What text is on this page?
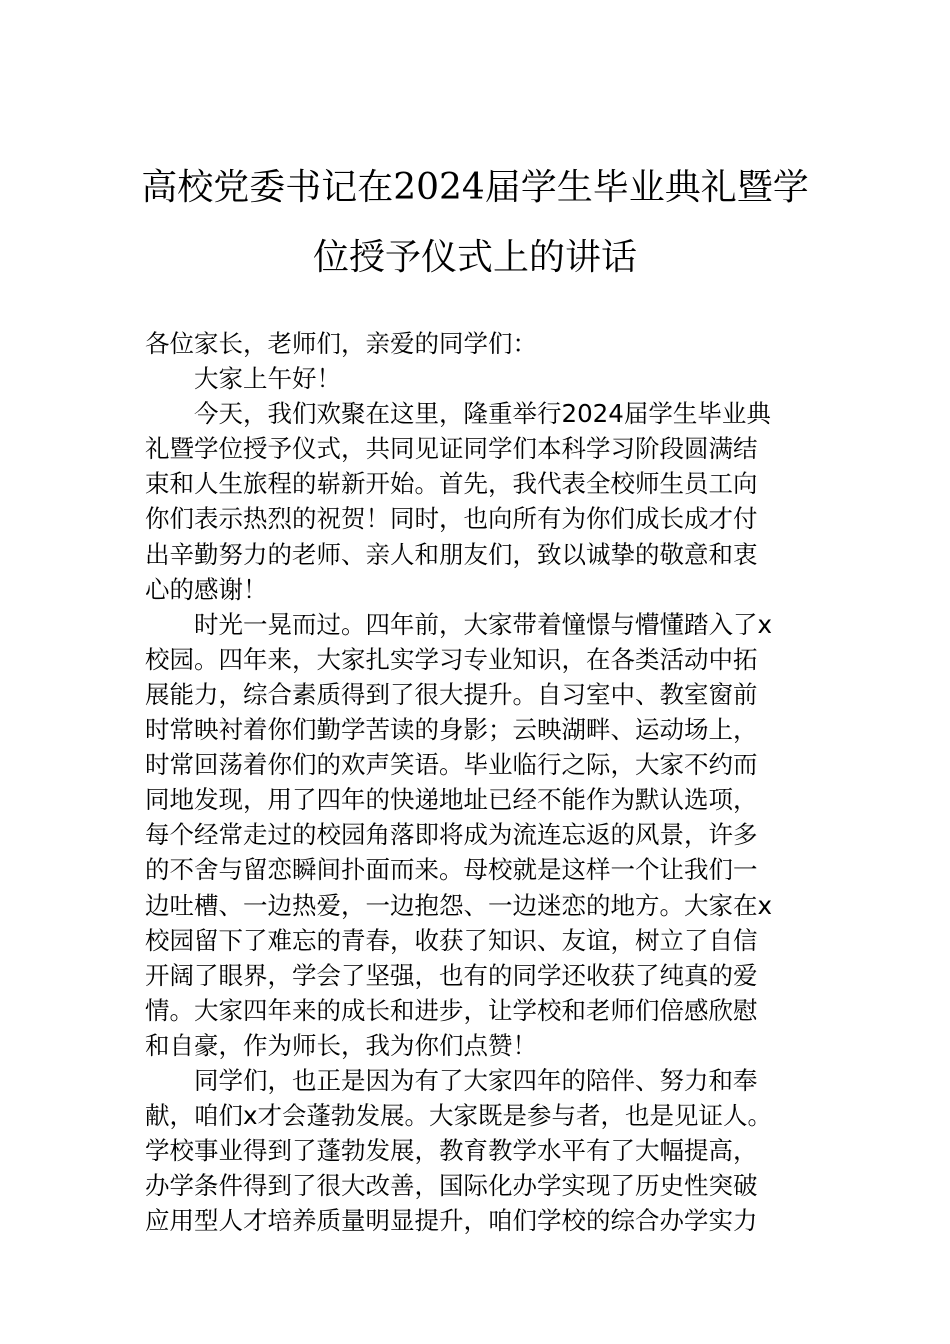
高校党委书记在2024届学生毕业典礼暨学
位授予仪式上的讲话
各位家长，老师们，亲爱的同学们：
大家上午好！
今天，我们欢聚在这里，隆重举行2024届学生毕业典
礼暨学位授予仪式，共同见证同学们本科学习阶段圆满结
束和人生旅程的崭新开始。首先，我代表全校师生员工向
你们表示热烈的祝贺！同时，也向所有为你们成长成才付
出辛勤努力的老师、亲人和朋友们，致以诚挚的敬意和衷
心的感谢！
时光一晃而过。四年前，大家带着憧憬与懵懂踏入了x
校园。四年来，大家扎实学习专业知识，在各类活动中拓
展能力，综合素质得到了很大提升。自习室中、教室窗前
时常映衬着你们勤学苦读的身影；云映湖畔、运动场上，
时常回荡着你们的欢声笑语。毕业临行之际，大家不约而
同地发现，用了四年的快递地址已经不能作为默认选项，
每个经常走过的校园角落即将成为流连忘返的风景，许多
的不舍与留恋瞬间扑面而来。母校就是这样一个让我们一
边吐槽、一边热爱，一边抱怨、一边迷恋的地方。大家在x
校园留下了难忘的青春，收获了知识、友谊，树立了自信
开阔了眼界，学会了坚强，也有的同学还收获了纯真的爱
情。大家四年来的成长和进步，让学校和老师们倍感欣慰
和自豪，作为师长，我为你们点赞！
同学们，也正是因为有了大家四年的陪伴、努力和奉
献，咱们x才会蓬勃发展。大家既是参与者，也是见证人。
学校事业得到了蓬勃发展，教育教学水平有了大幅提高，
办学条件得到了很大改善，国际化办学实现了历史性突破
应用型人才培养质量明显提升，咱们学校的综合办学实力
